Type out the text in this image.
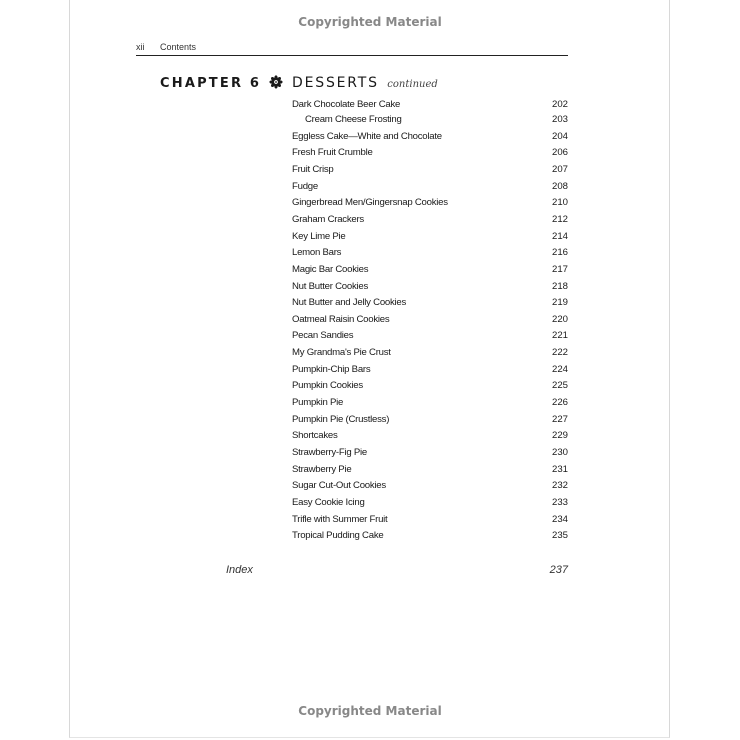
Copyrighted Material
xii Contents
CHAPTER 6 DESSERTS continued
Dark Chocolate Beer Cake	202
Cream Cheese Frosting	203
Eggless Cake—White and Chocolate	204
Fresh Fruit Crumble	206
Fruit Crisp	207
Fudge	208
Gingerbread Men/Gingersnap Cookies	210
Graham Crackers	212
Key Lime Pie	214
Lemon Bars	216
Magic Bar Cookies	217
Nut Butter Cookies	218
Nut Butter and Jelly Cookies	219
Oatmeal Raisin Cookies	220
Pecan Sandies	221
My Grandma's Pie Crust	222
Pumpkin-Chip Bars	224
Pumpkin Cookies	225
Pumpkin Pie	226
Pumpkin Pie (Crustless)	227
Shortcakes	229
Strawberry-Fig Pie	230
Strawberry Pie	231
Sugar Cut-Out Cookies	232
Easy Cookie Icing	233
Trifle with Summer Fruit	234
Tropical Pudding Cake	235
Index	237
Copyrighted Material
